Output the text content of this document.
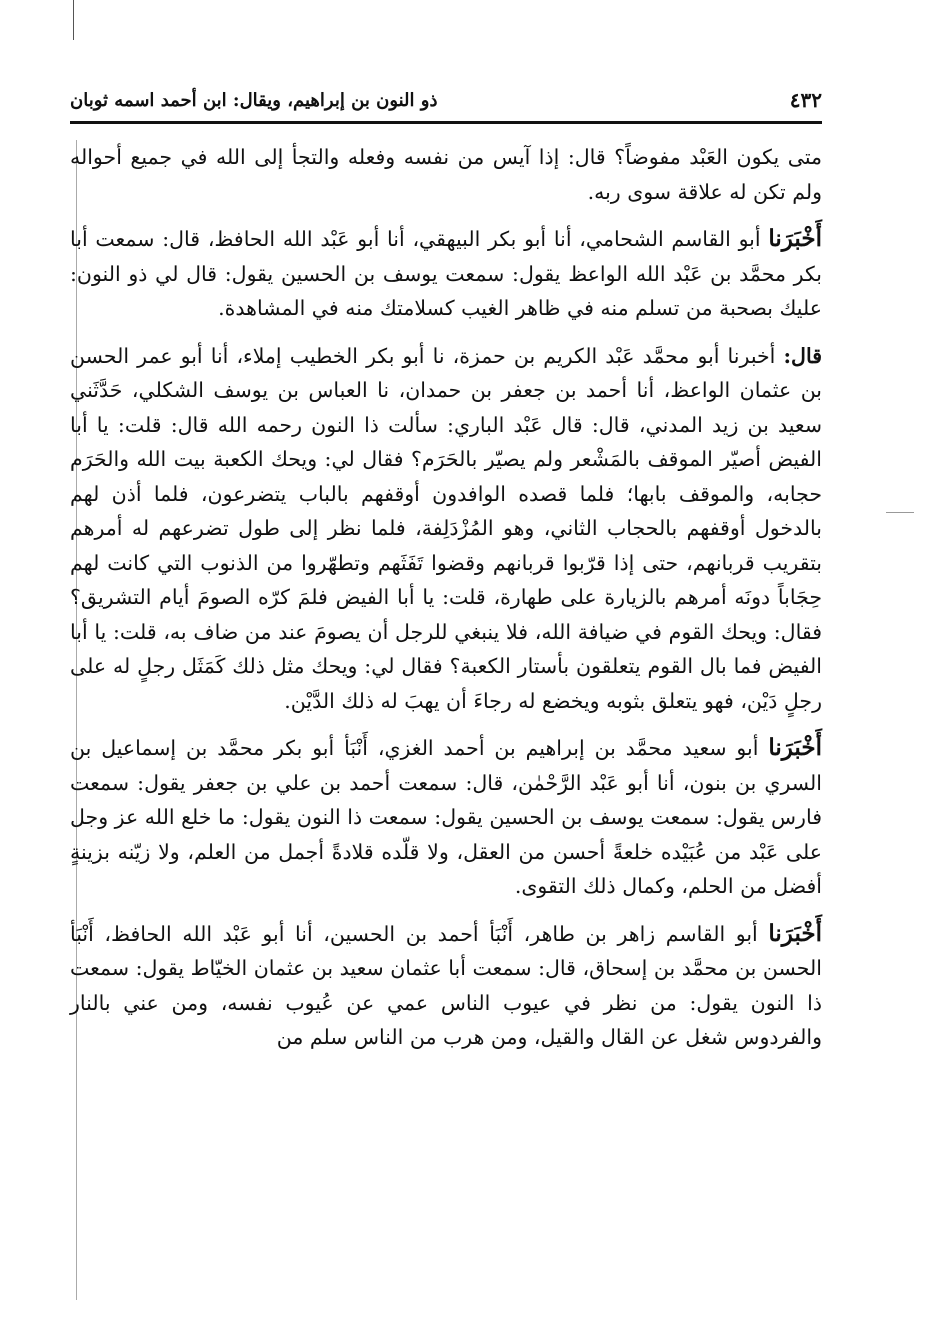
٤٣٢
ذو النون بن إبراهيم، ويقال: ابن أحمد اسمه ثوبان

متى يكون العَبْد مفوضاً؟ قال: إذا آيس من نفسه وفعله والتجأ إلى الله في جميع أحواله ولم تكن له علاقة سوى ربه.

أَخْبَرَنا أبو القاسم الشحامي، أنا أبو بكر البيهقي، أنا أبو عَبْد الله الحافظ، قال: سمعت أبا بكر محمَّد بن عَبْد الله الواعظ يقول: سمعت يوسف بن الحسين يقول: قال لي ذو النون: عليك بصحبة من تسلم منه في ظاهر الغيب كسلامتك منه في المشاهدة.

قال: أخبرنا أبو محمَّد عَبْد الكريم بن حمزة، نا أبو بكر الخطيب إملاء، أنا أبو عمر الحسن بن عثمان الواعظ، أنا أحمد بن جعفر بن حمدان، نا العباس بن يوسف الشكلي، حَدَّثَني سعيد بن زيد المدني، قال: قال عَبْد الباري: سألت ذا النون رحمه الله قال: قلت: يا أبا الفيض أصيّر الموقف بالمَشْعر ولم يصيّر بالحَرَم؟ فقال لي: ويحك الكعبة بيت الله والحَرَم حجابه، والموقف بابها؛ فلما قصده الوافدون أوقفهم بالباب يتضرعون، فلما أذن لهم بالدخول أوقفهم بالحجاب الثاني، وهو المُزْدَلِفة، فلما نظر إلى طول تضرعهم له أمرهم بتقريب قربانهم، حتى إذا قرّبوا قربانهم وقضوا تَفَثَهم وتطهّروا من الذنوب التي كانت لهم حِجَاباً دونَه أمرهم بالزيارة على طهارة، قلت: يا أبا الفيض فلمَ كرّه الصومَ أيام التشريق؟ فقال: ويحك القوم في ضيافة الله، فلا ينبغي للرجل أن يصومَ عند من ضاف به، قلت: يا أبا الفيض فما بال القوم يتعلقون بأستار الكعبة؟ فقال لي: ويحك مثل ذلك كَمَثَل رجلٍ له على رجلٍ دَيْن، فهو يتعلق بثوبه ويخضع له رجاءَ أن يهبَ له ذلك الدَّيْن.

أَخْبَرَنا أبو سعيد محمَّد بن إبراهيم بن أحمد الغزي، أَنْبَأ أبو بكر محمَّد بن إسماعيل بن السري بن بنون، أنا أبو عَبْد الرَّحْمٰن، قال: سمعت أحمد بن علي بن جعفر يقول: سمعت فارس يقول: سمعت يوسف بن الحسين يقول: سمعت ذا النون يقول: ما خلع الله عز وجل على عَبْد من عُبَيْده خلعةً أحسن من العقل، ولا قلّده قلادةً أجمل من العلم، ولا زيّنه بزينةٍ أفضل من الحلم، وكمال ذلك التقوى.

أَخْبَرَنا أبو القاسم زاهر بن طاهر، أَنْبَأ أحمد بن الحسين، أنا أبو عَبْد الله الحافظ، أَنْبَأ الحسن بن محمَّد بن إسحاق، قال: سمعت أبا عثمان سعيد بن عثمان الخيّاط يقول: سمعت ذا النون يقول: من نظر في عيوب الناس عمي عن عُيوب نفسه، ومن عني بالنار والفردوس شغل عن القال والقيل، ومن هرب من الناس سلم من
